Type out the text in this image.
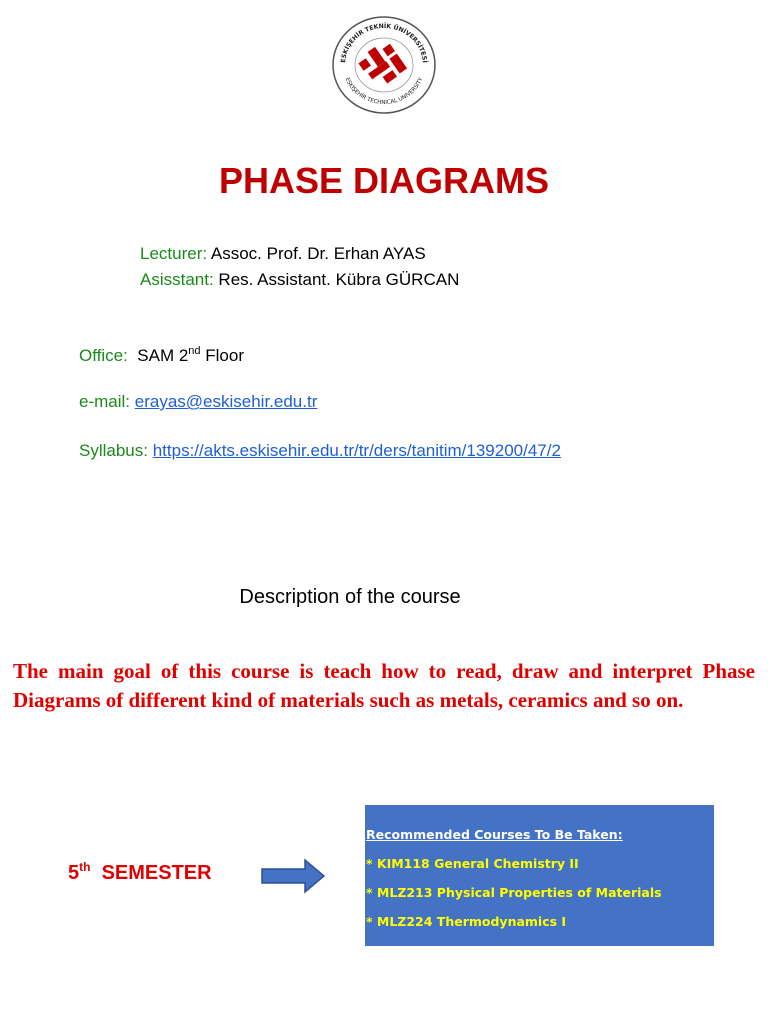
ESKİŞEHİR TEKNİK ÜNİVERSİTESİ
ESKİŞEHİR TECHNICAL UNIVERSITY
PHASE DIAGRAMS
Lecturer: Assoc. Prof. Dr. Erhan AYAS
Asisstant: Res. Assistant. Kübra GÜRCAN
Office:  SAM 2nd Floor
e-mail: erayas@eskisehir.edu.tr
Syllabus: https://akts.eskisehir.edu.tr/tr/ders/tanitim/139200/47/2
Description of the course
The main goal of this course is teach how to read, draw and interpret Phase Diagrams of different kind of materials such as metals, ceramics and so on.
5th  SEMESTER
Recommended Courses To Be Taken:
* KIM118 General Chemistry II
* MLZ213 Physical Properties of Materials
* MLZ224 Thermodynamics I
